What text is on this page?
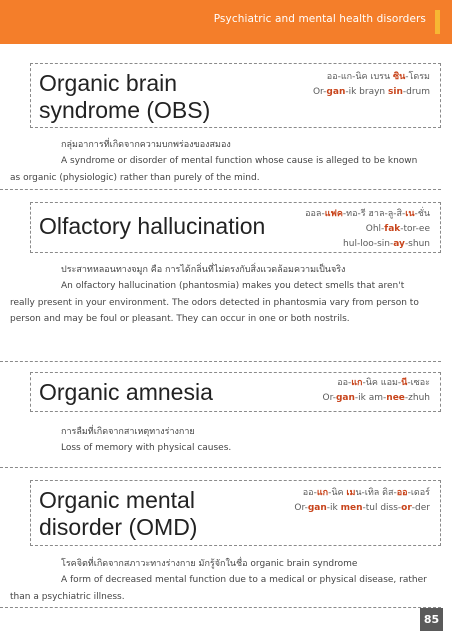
Psychiatric and mental health disorders
Organic brain syndrome (OBS)
ออ-แก-นิค เบรน ซิน-โดรม
Or-gan-ik brayn sin-drum

กลุ่มอาการที่เกิดจากความบกพร่องของสมอง

A syndrome or disorder of mental function whose cause is alleged to be known as organic (physiologic) rather than purely of the mind.

Olfactory hallucination	ออล-แฟค-ทอ-รี ฮาล-ลู-สิ-เน-ชั่น
Ohl-fak-tor-ee
hul-loo-sin-ay-shun

ประสาทหลอนทางจมูก คือ การได้กลิ่นที่ไม่ตรงกับสิ่งแวดล้อมความเป็นจริง

An olfactory hallucination (phantosmia) makes you detect smells that aren't really present in your environment. The odors detected in phantosmia vary from person to person and may be foul or pleasant. They can occur in one or both nostrils.

Organic amnesia	ออ-แก-นิค แอม-นี-เซอะ
Or-gan-ik am-nee-zhuh

การลืมที่เกิดจากสาเหตุทางร่างกาย

Loss of memory with physical causes.

Organic mental disorder (OMD)
ออ-แก-นิค เมน-เทิล ดิส-ออ-เดอร์
Or-gan-ik men-tul diss-or-der

โรคจิตที่เกิดจากสภาวะทางร่างกาย มักรู้จักในชื่อ organic brain syndrome

A form of decreased mental function due to a medical or physical disease, rather than a psychiatric illness.

85
